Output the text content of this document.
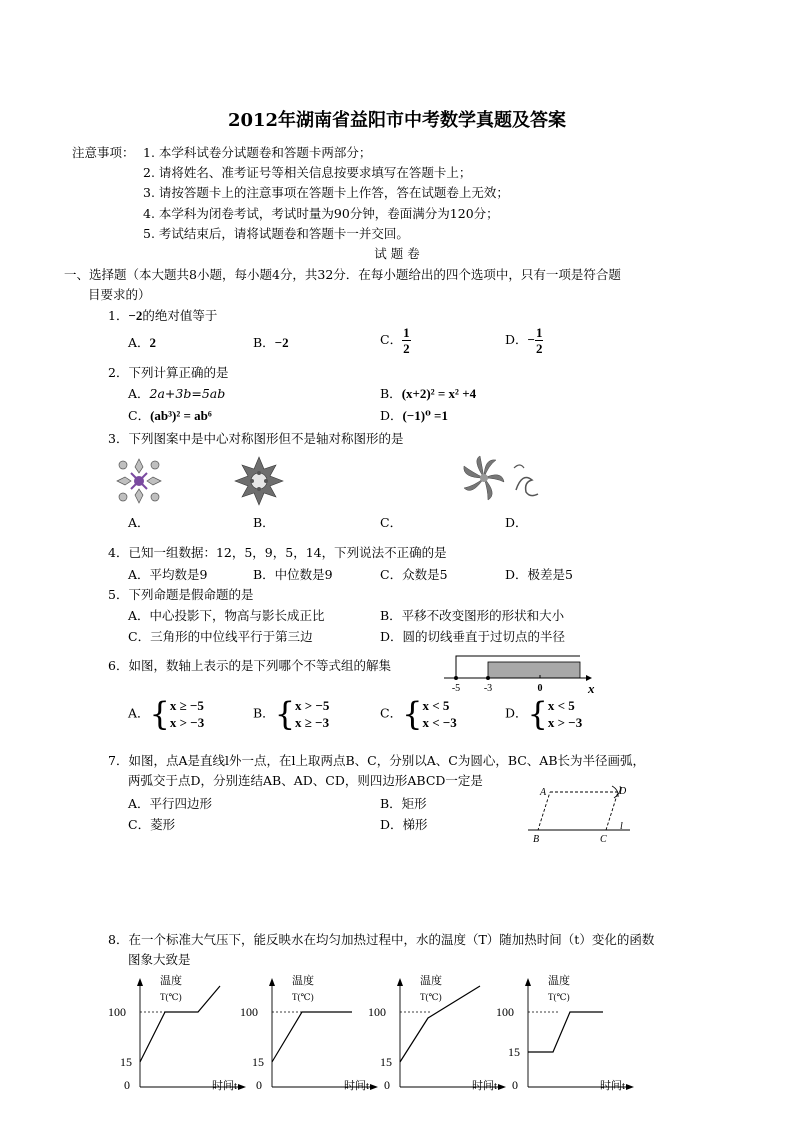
2012年湖南省益阳市中考数学真题及答案
注意事项： 1. 本学科试卷分试题卷和答题卡两部分；
2. 请将姓名、准考证号等相关信息按要求填写在答题卡上；
3. 请按答题卡上的注意事项在答题卡上作答，答在试题卷上无效；
4. 本学科为闭卷考试，考试时量为90分钟，卷面满分为120分；
5. 考试结束后，请将试题卷和答题卡一并交回。
试 题 卷
一、选择题（本大题共8小题，每小题4分，共32分．在每小题给出的四个选项中，只有一项是符合题
目要求的）
1．−2的绝对值等于
A．2	B．−2	C． $\frac{1}{2}$	D．− $\frac{1}{2}$
2．下列计算正确的是
A．2a+3b=5ab	B．(x+2)² = x² +4
C．(ab³)² = ab⁶	D．(−1)⁰ =1
3．下列图案中是中心对称图形但不是轴对称图形的是
A．	B．	C．	D．
4．已知一组数据：12，5，9，5，14，下列说法不正确的是
A．平均数是9	B．中位数是9	C．众数是5	D．极差是5
5．下列命题是假命题的是
A．中心投影下，物高与影长成正比	B．平移不改变图形的形状和大小
C．三角形的中位线平行于第三边	D．圆的切线垂直于过切点的半径
6．如图，数轴上表示的是下列哪个不等式组的解集
-5 -3	0	x
A．{x ≥ −5
x > −3
B．{x > −5
x ≥ −3
C．{x < 5
x < −3
D．{x < 5
x > −3
7．如图，点A是直线l外一点，在l上取两点B、C，分别以A、C为圆心，BC、AB长为半径画弧，
两弧交于点D，分别连结AB、AD、CD，则四边形ABCD一定是
A．平行四边形	B．矩形
C．菱形	D．梯形
A	D
B	C
l
8．在一个标准大气压下，能反映水在均匀加热过程中，水的温度（T）随加热时间（t）变化的函数
图象大致是
温度
T(℃)
100
15
0	时间t
温度
T(℃)
100
15
0	时间t
温度
T(℃)
100
15
0	时间t
温度
T(℃)
100
15
0	时间t
